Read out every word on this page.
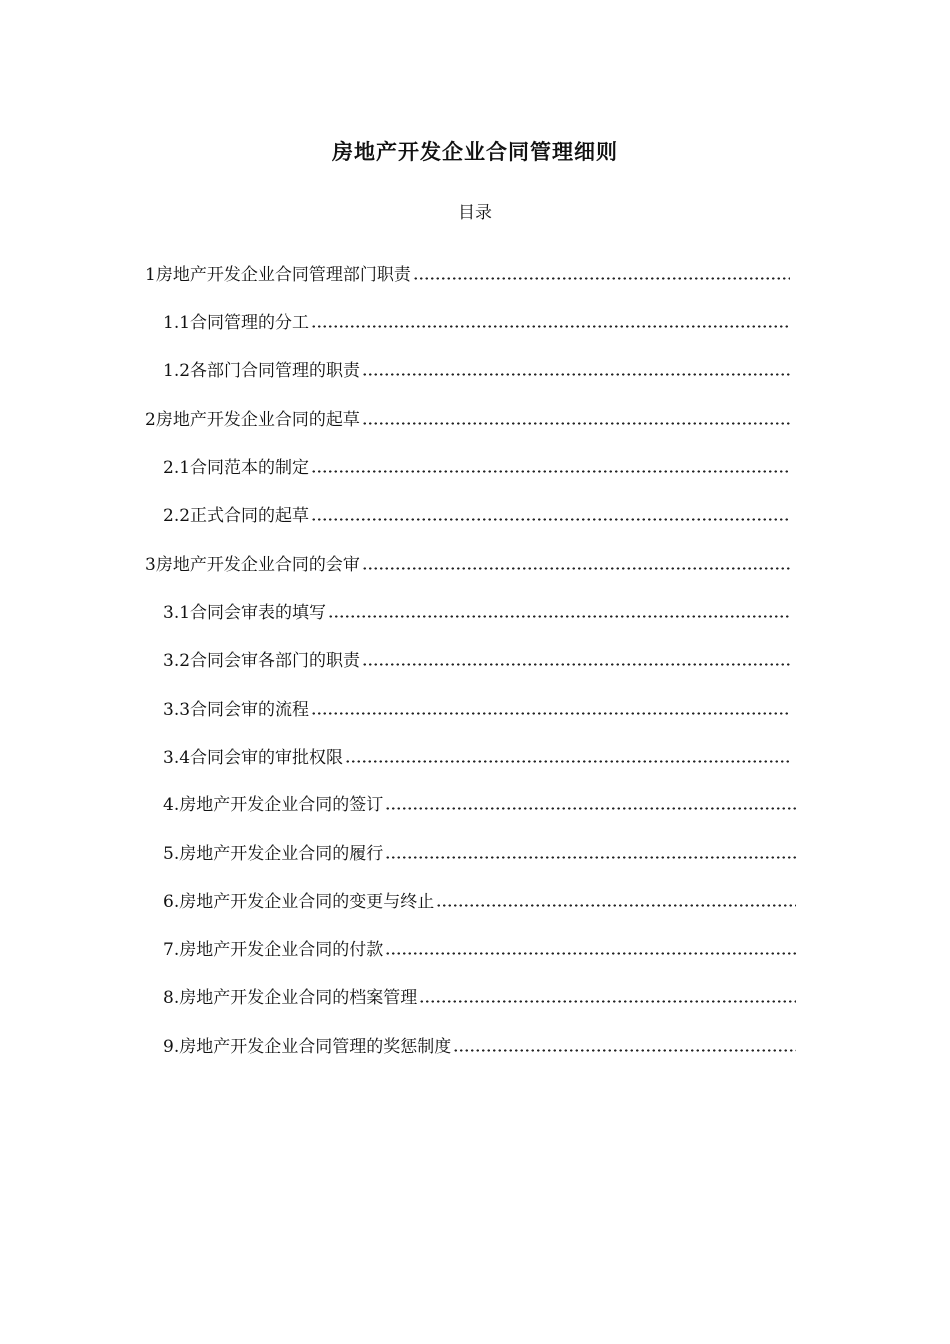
房地产开发企业合同管理细则
目录
1房地产开发企业合同管理部门职责
1.1合同管理的分工
1.2各部门合同管理的职责
2房地产开发企业合同的起草
2.1合同范本的制定
2.2正式合同的起草
3房地产开发企业合同的会审
3.1合同会审表的填写
3.2合同会审各部门的职责
3.3合同会审的流程
3.4合同会审的审批权限
4.房地产开发企业合同的签订
5.房地产开发企业合同的履行
6.房地产开发企业合同的变更与终止
7.房地产开发企业合同的付款
8.房地产开发企业合同的档案管理
9.房地产开发企业合同管理的奖惩制度
